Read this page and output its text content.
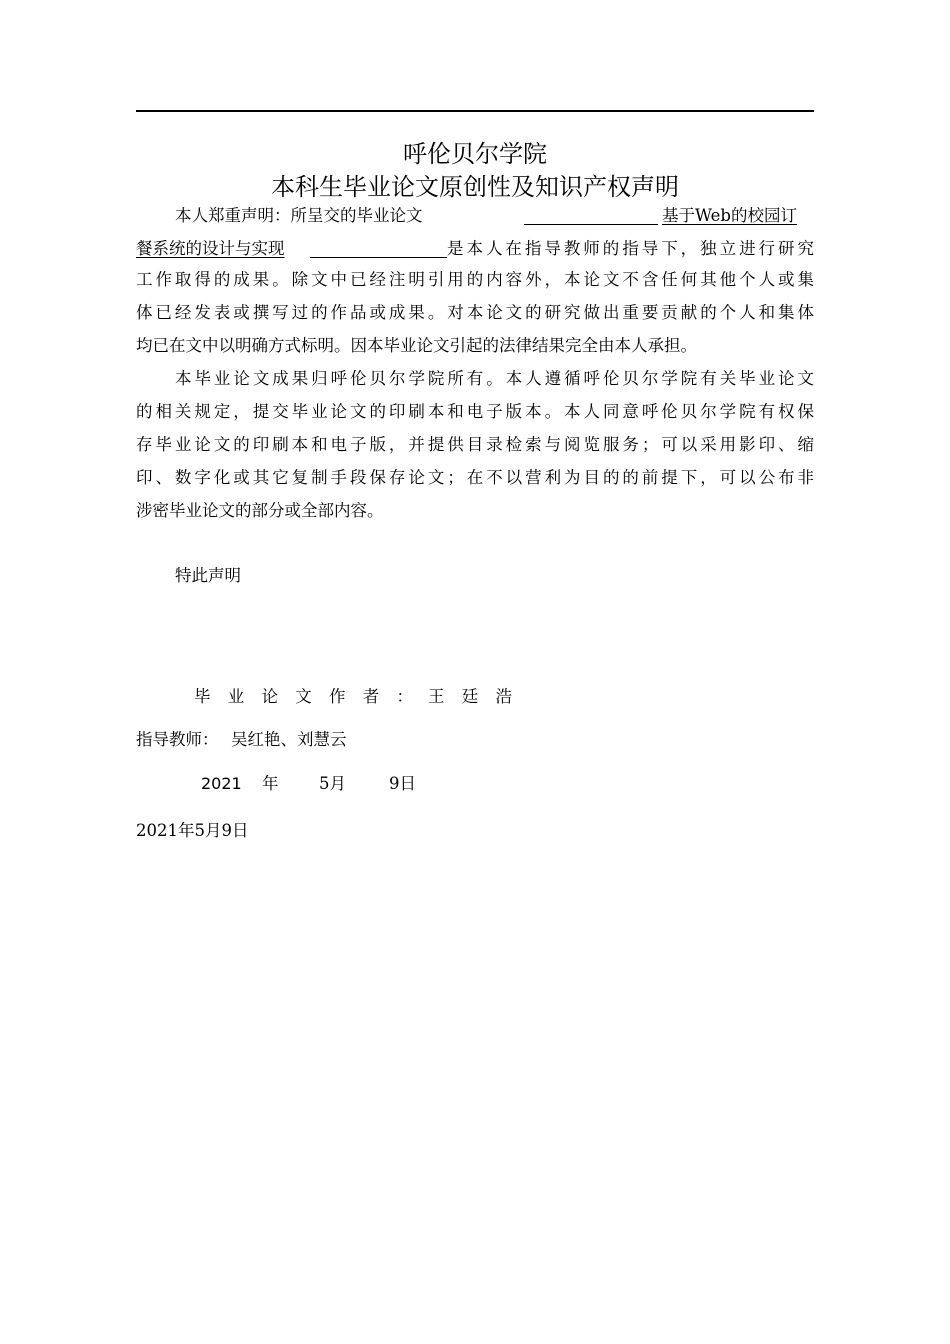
呼伦贝尔学院
本科生毕业论文原创性及知识产权声明
本人郑重声明：所呈交的毕业论文	基于Web的校园订
餐系统的设计与实现	是本人在指导教师的指导下，独立进行研究
工作取得的成果。除文中已经注明引用的内容外，本论文不含任何其他个人或集
体已经发表或撰写过的作品或成果。对本论文的研究做出重要贡献的个人和集体
均已在文中以明确方式标明。因本毕业论文引起的法律结果完全由本人承担。
本毕业论文成果归呼伦贝尔学院所有。本人遵循呼伦贝尔学院有关毕业论文
的相关规定，提交毕业论文的印刷本和电子版本。本人同意呼伦贝尔学院有权保
存毕业论文的印刷本和电子版，并提供目录检索与阅览服务；可以采用影印、缩
印、数字化或其它复制手段保存论文；在不以营利为目的的前提下，可以公布非
涉密毕业论文的部分或全部内容。
特此声明
毕 业 论 文 作 者 ： 王 廷 浩
指导教师： 吴红艳、刘慧云
2021 年 5月	9日
2021年5月9日
